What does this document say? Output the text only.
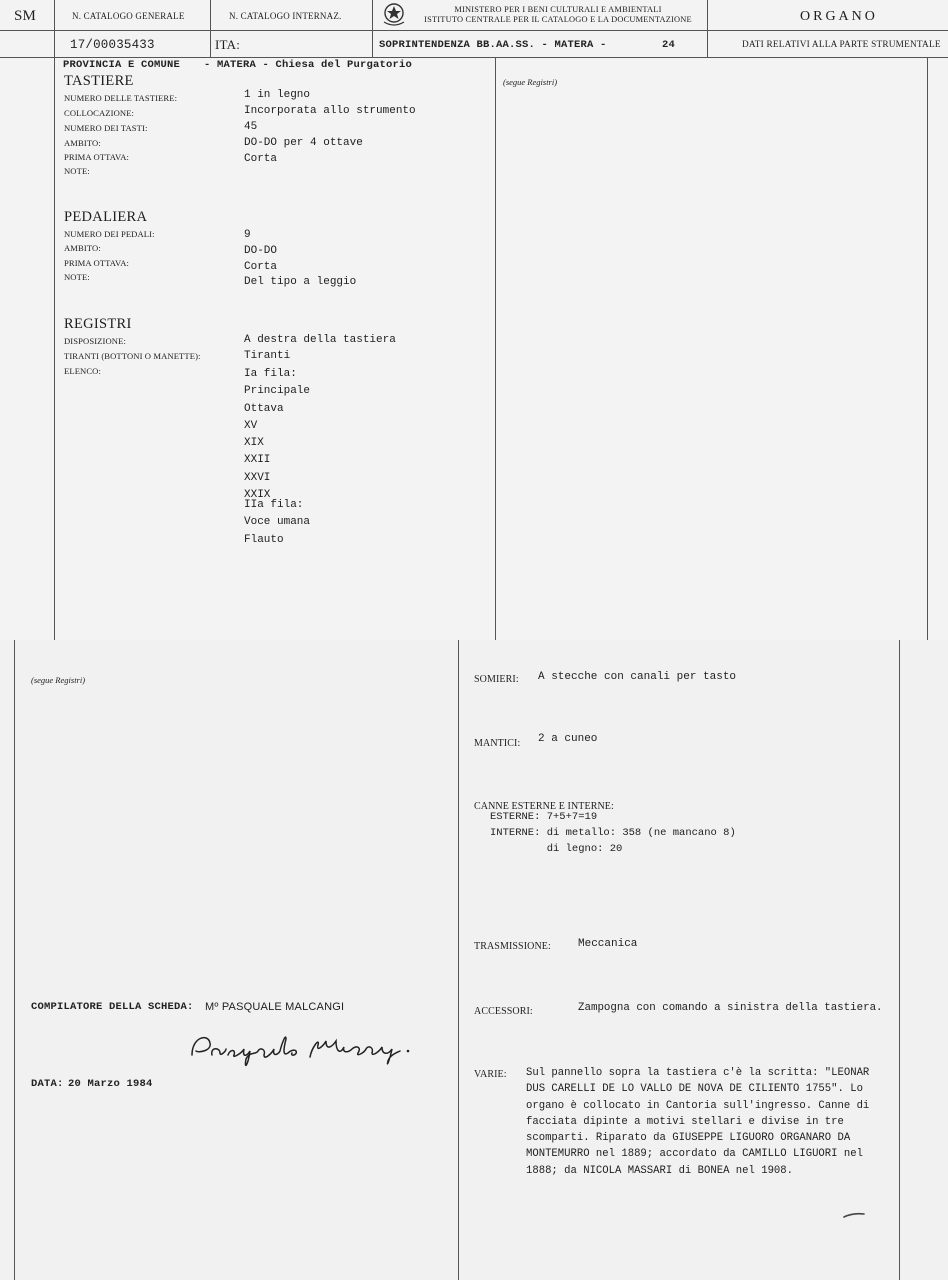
SM	N. CATALOGO GENERALE
17/00035433
N. CATALOGO INTERNAZ.
ITA:
MINISTERO PER I BENI CULTURALI E AMBIENTALI
ISTITUTO CENTRALE PER IL CATALOGO E LA DOCUMENTAZIONE
SOPRINTENDENZA BB.AA.SS. - MATERA -	24
ORGANO
DATI RELATIVI ALLA PARTE STRUMENTALE
PROVINCIA E COMUNE - MATERA - Chiesa del Purgatorio
TASTIERE
NUMERO DELLE TASTIERE:	1 in legno
COLLOCAZIONE:	Incorporata allo strumento
NUMERO DEI TASTI:	45
AMBITO:	DO-DO per 4 ottave
PRIMA OTTAVA:	Corta
NOTE:
PEDALIERA
NUMERO DEI PEDALI:	9
AMBITO:	DO-DO
PRIMA OTTAVA:	Corta
NOTE:	Del tipo a leggio
REGISTRI
DISPOSIZIONE:	A destra della tastiera
TIRANTI (BOTTONI O MANETTE):	Tiranti
ELENCO:	Ia fila:
Principale
Ottava
XV
XIX
XXII
XXVI
XXIX
IIa fila:
Voce umana
Flauto
(segue Registri)
(segue Registri)
COMPILATORE DELLA SCHEDA: Mº PASQUALE MALCANGI
DATA: 20 Marzo 1984
SOMIERI: A stecche con canali per tasto
MANTICI: 2 a cuneo
CANNE ESTERNE E INTERNE:
ESTERNE: 7+5+7=19
INTERNE: di metallo: 358 (ne mancano 8)
di legno: 20
TRASMISSIONE: Meccanica
ACCESSORI:	Zampogna con comando a sinistra della tastiera.
VARIE: Sul pannello sopra la tastiera c'è la scritta: "LEONAR
DUS CARELLI DE LO VALLO DE NOVA DE CILIENTO 1755". Lo
organo è collocato in Cantoria sull'ingresso. Canne di
facciata dipinte a motivi stellari e divise in tre
scomparti. Riparato da GIUSEPPE LIGUORO ORGANARO DA
MONTEMURRO nel 1889; accordato da CAMILLO LIGUORI nel
1888; da NICOLA MASSARI di BONEA nel 1908.
